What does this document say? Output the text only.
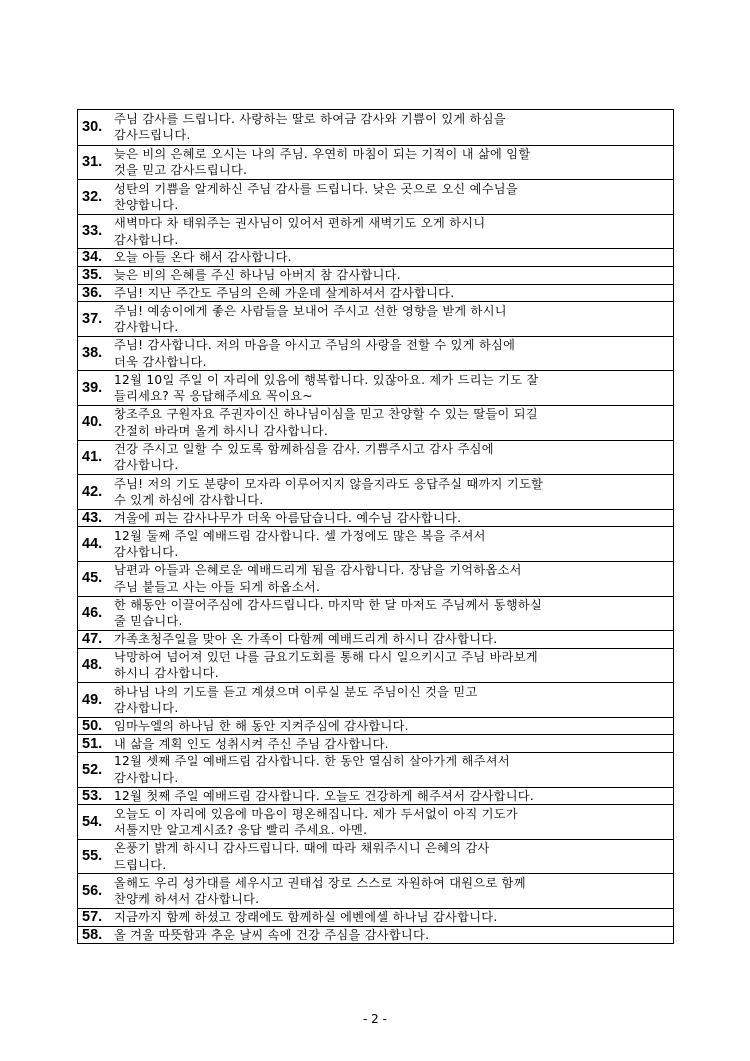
30.
주님 감사를 드립니다. 사랑하는 딸로 하여금 감사와 기쁨이 있게 하심을
감사드립니다.
31.
늦은 비의 은혜로 오시는 나의 주님. 우연히 마침이 되는 기적이 내 삶에 임할
것을 믿고 감사드립니다.
32.
성탄의 기쁨을 알게하신 주님 감사를 드립니다. 낮은 곳으로 오신 예수님을
찬양합니다.
33.
새벽마다 차 태워주는 권사님이 있어서 편하게 새벽기도 오게 하시니
감사합니다.
34. 오늘 아들 온다 해서 감사합니다.
35. 늦은 비의 은혜를 주신 하나님 아버지 참 감사합니다.
36. 주님! 지난 주간도 주님의 은혜 가운데 살게하셔서 감사합니다.
37.
주님! 예송이에게 좋은 사람들을 보내어 주시고 선한 영향을 받게 하시니
감사합니다.
38.
주님! 감사합니다. 저의 마음을 아시고 주님의 사랑을 전할 수 있게 하심에
더욱 감사합니다.
39.
12월 10일 주일 이 자리에 있음에 행복합니다. 있잖아요. 제가 드리는 기도 잘
들리세요? 꼭 응답해주세요 꼭이요~
40.
창조주요 구원자요 주권자이신 하나님이심을 믿고 찬양할 수 있는 딸들이 되길
간절히 바라며 올게 하시니 감사합니다.
41.
건강 주시고 일할 수 있도록 함께하심을 감사. 기쁨주시고 감사 주심에
감사합니다.
42.
주님! 저의 기도 분량이 모자라 이루어지지 않을지라도 응답주실 때까지 기도할
수 있게 하심에 감사합니다.
43. 겨울에 피는 감사나무가 더욱 아름답습니다. 예수님 감사합니다.
44.
12월 둘째 주일 예배드림 감사합니다. 셀 가정에도 많은 복을 주셔서
감사합니다.
45.
남편과 아들과 은혜로운 예배드리게 됨을 감사합니다. 장남을 기억하옵소서
주님 붙들고 사는 아들 되게 하옵소서.
46.
한 해동안 이끌어주심에 감사드립니다. 마지막 한 달 마저도 주님께서 동행하실
줄 믿습니다.
47. 가족초청주일을 맞아 온 가족이 다함께 예배드리게 하시니 감사합니다.
48.
낙망하여 넘어져 있던 나를 금요기도회를 통해 다시 일으키시고 주님 바라보게
하시니 감사합니다.
49.
하나님 나의 기도를 듣고 계셨으며 이루실 분도 주님이신 것을 믿고
감사합니다.
50. 임마누엘의 하나님 한 해 동안 지켜주심에 감사합니다.
51. 내 삶을 계획 인도 성취시켜 주신 주님 감사합니다.
52.
12월 셋째 주일 예배드림 감사합니다. 한 동안 열심히 살아가게 해주셔서
감사합니다.
53. 12월 첫째 주일 예배드림 감사합니다. 오늘도 건강하게 해주셔서 감사합니다.
54.
오늘도 이 자리에 있음에 마음이 평온해집니다. 제가 두서없이 아직 기도가
서툴지만 알고계시죠? 응답 빨리 주세요. 아멘.
55.
온풍기 밝게 하시니 감사드립니다. 때에 따라 채워주시니 은혜의 감사
드립니다.
56.
올해도 우리 성가대를 세우시고 권태섭 장로 스스로 자원하여 대원으로 함께
찬양케 하셔서 감사합니다.
57. 지금까지 함께 하셨고 장래에도 함께하실 에벤에셀 하나님 감사합니다.
58. 올 겨울 따뜻함과 추운 날씨 속에 건강 주심을 감사합니다.
- 2 -
